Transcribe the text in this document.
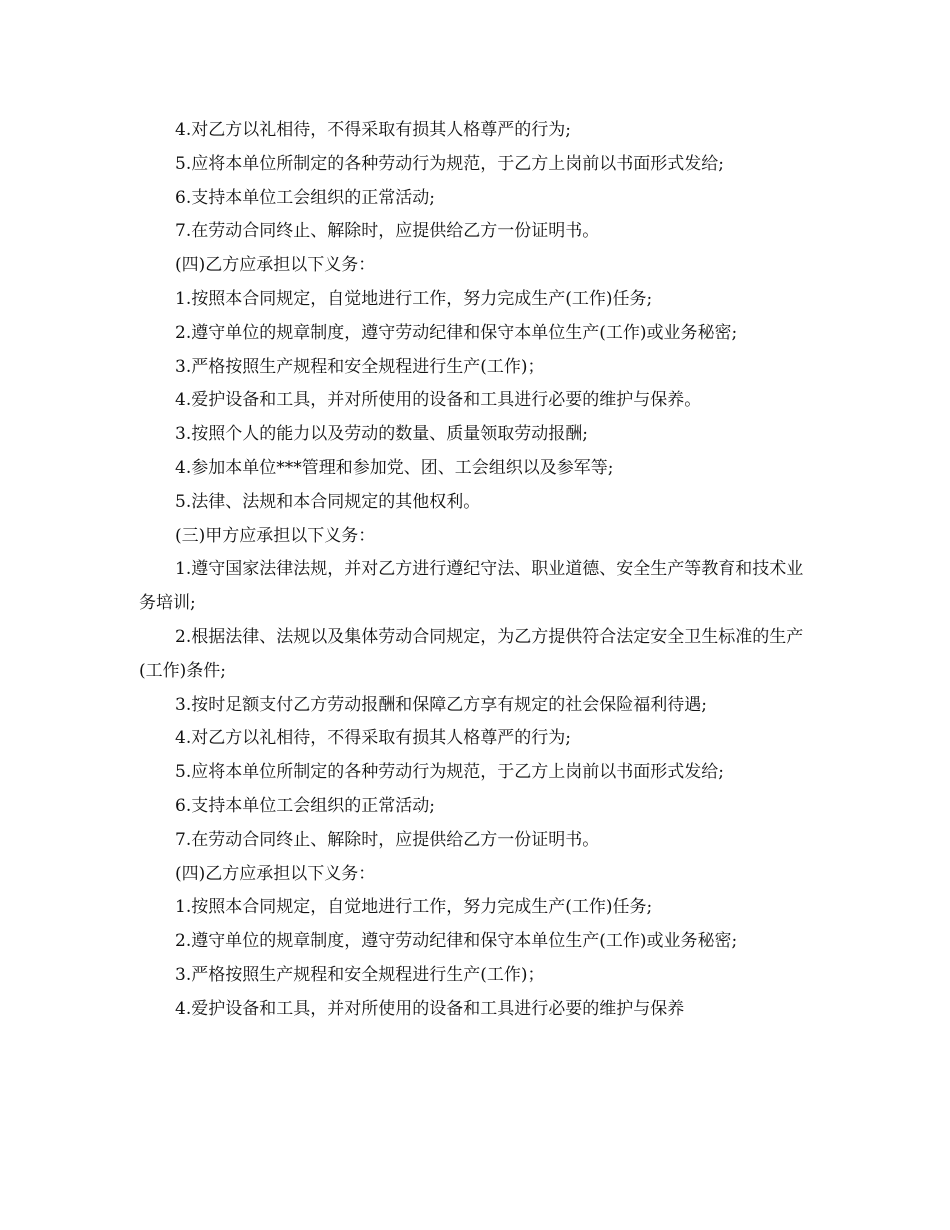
4.对乙方以礼相待，不得采取有损其人格尊严的行为;

5.应将本单位所制定的各种劳动行为规范，于乙方上岗前以书面形式发给;

6.支持本单位工会组织的正常活动;

7.在劳动合同终止、解除时，应提供给乙方一份证明书。

(四)乙方应承担以下义务：

1.按照本合同规定，自觉地进行工作，努力完成生产(工作)任务;

2.遵守单位的规章制度，遵守劳动纪律和保守本单位生产(工作)或业务秘密;

3.严格按照生产规程和安全规程进行生产(工作)；

4.爱护设备和工具，并对所使用的设备和工具进行必要的维护与保养。

3.按照个人的能力以及劳动的数量、质量领取劳动报酬;

4.参加本单位***管理和参加党、团、工会组织以及参军等;

5.法律、法规和本合同规定的其他权利。

(三)甲方应承担以下义务：

1.遵守国家法律法规，并对乙方进行遵纪守法、职业道德、安全生产等教育和技术业务培训;

2.根据法律、法规以及集体劳动合同规定，为乙方提供符合法定安全卫生标准的生产(工作)条件;

3.按时足额支付乙方劳动报酬和保障乙方享有规定的社会保险福利待遇;

4.对乙方以礼相待，不得采取有损其人格尊严的行为;

5.应将本单位所制定的各种劳动行为规范，于乙方上岗前以书面形式发给;

6.支持本单位工会组织的正常活动;

7.在劳动合同终止、解除时，应提供给乙方一份证明书。

(四)乙方应承担以下义务：

1.按照本合同规定，自觉地进行工作，努力完成生产(工作)任务;

2.遵守单位的规章制度，遵守劳动纪律和保守本单位生产(工作)或业务秘密;

3.严格按照生产规程和安全规程进行生产(工作)；

4.爱护设备和工具，并对所使用的设备和工具进行必要的维护与保养
